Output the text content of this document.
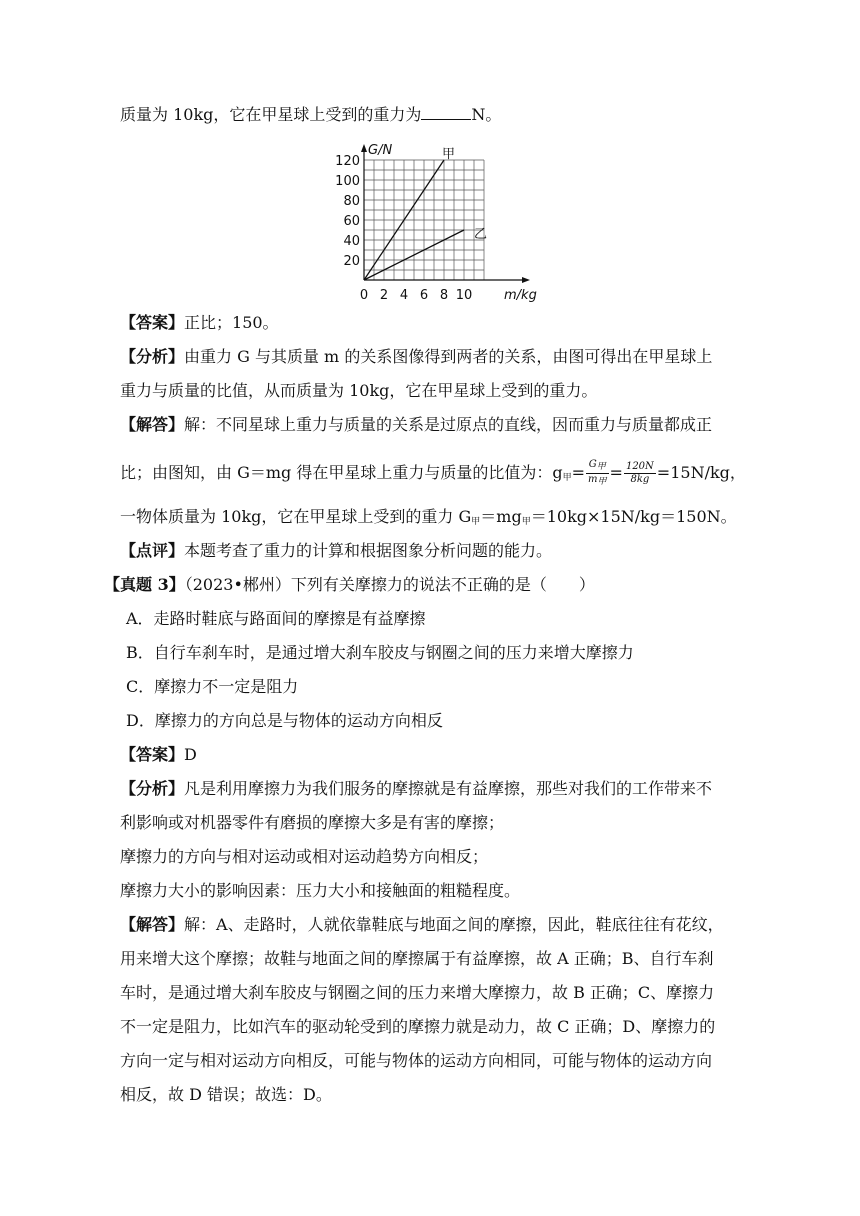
质量为 10kg，它在甲星球上受到的重力为	N。
0 2 4 6 8 10
20
40
60
80
100
120	甲
乙
G/N
m/kg
【答案】正比；150。
【分析】由重力 G 与其质量 m 的关系图像得到两者的关系，由图可得出在甲星球上
重力与质量的比值，从而质量为 10kg，它在甲星球上受到的重力。
【解答】解：不同星球上重力与质量的关系是过原点的直线，因而重力与质量都成正
比；由图知，由 G＝mg 得在甲星球上重力与质量的比值为：$g_甲= \frac{\text{G甲}}{\text{m甲}} = \frac{120N}{8kg} =15N/kg$，
一物体质量为 10kg，它在甲星球上受到的重力 $G_甲=mg_甲=10kg\times 15N/kg=150N$。
【点评】本题考查了重力的计算和根据图象分析问题的能力。
【真题 3】（2023•郴州）下列有关摩擦力的说法不正确的是（　　）
A．走路时鞋底与路面间的摩擦是有益摩擦
B．自行车刹车时，是通过增大刹车胶皮与钢圈之间的压力来增大摩擦力
C．摩擦力不一定是阻力
D．摩擦力的方向总是与物体的运动方向相反
【答案】D
【分析】凡是利用摩擦力为我们服务的摩擦就是有益摩擦，那些对我们的工作带来不
利影响或对机器零件有磨损的摩擦大多是有害的摩擦；
摩擦力的方向与相对运动或相对运动趋势方向相反；
摩擦力大小的影响因素：压力大小和接触面的粗糙程度。
【解答】解：A、走路时，人就依靠鞋底与地面之间的摩擦，因此，鞋底往往有花纹，
用来增大这个摩擦；故鞋与地面之间的摩擦属于有益摩擦，故 A 正确；B、自行车刹
车时，是通过增大刹车胶皮与钢圈之间的压力来增大摩擦力，故 B 正确；C、摩擦力
不一定是阻力，比如汽车的驱动轮受到的摩擦力就是动力，故 C 正确；D、摩擦力的
方向一定与相对运动方向相反，可能与物体的运动方向相同，可能与物体的运动方向
相反，故 D 错误；故选：D。
